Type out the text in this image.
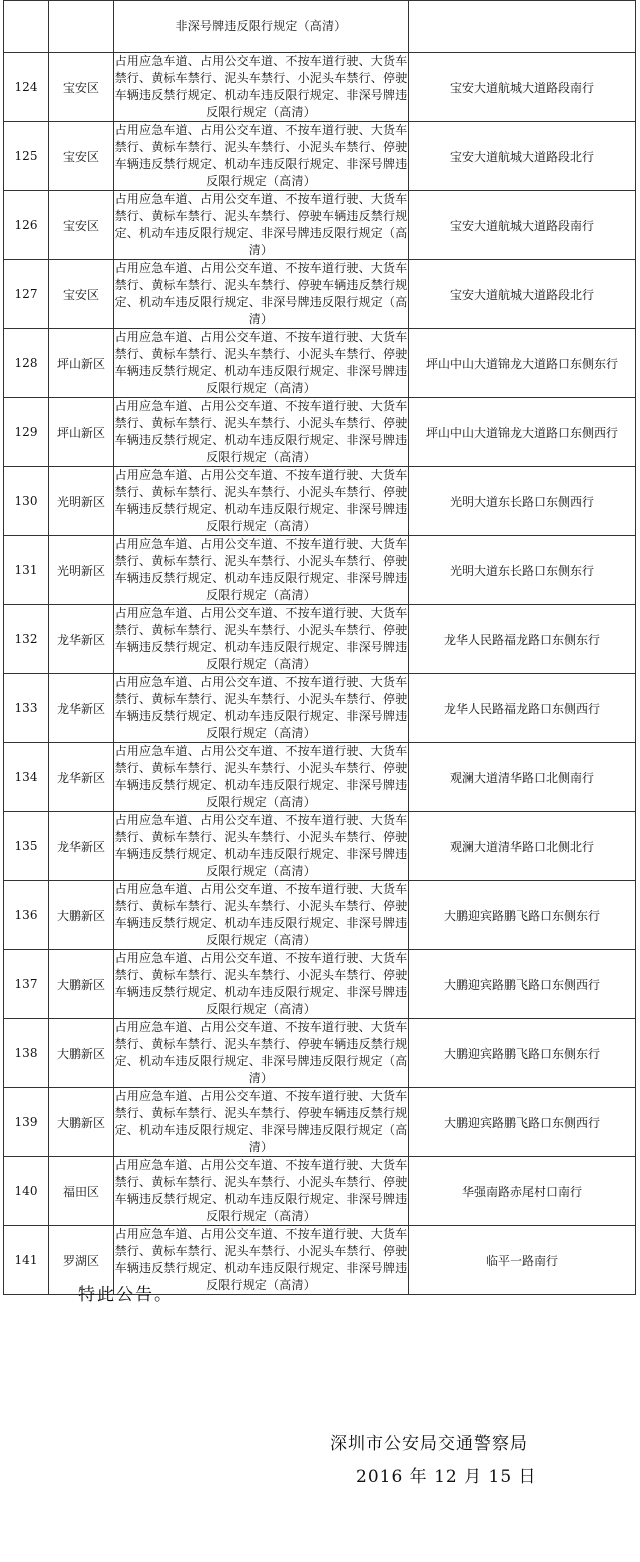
		非深号牌违反限行规定（高清）	
124	宝安区	占用应急车道、占用公交车道、不按车道行驶、大货车禁行、黄标车禁行、泥头车禁行、小泥头车禁行、停驶车辆违反禁行规定、机动车违反限行规定、非深号牌违反限行规定（高清）	宝安大道航城大道路段南行
125	宝安区	占用应急车道、占用公交车道、不按车道行驶、大货车禁行、黄标车禁行、泥头车禁行、小泥头车禁行、停驶车辆违反禁行规定、机动车违反限行规定、非深号牌违反限行规定（高清）	宝安大道航城大道路段北行
126	宝安区	占用应急车道、占用公交车道、不按车道行驶、大货车禁行、黄标车禁行、泥头车禁行、停驶车辆违反禁行规定、机动车违反限行规定、非深号牌违反限行规定（高清）	宝安大道航城大道路段南行
127	宝安区	占用应急车道、占用公交车道、不按车道行驶、大货车禁行、黄标车禁行、泥头车禁行、停驶车辆违反禁行规定、机动车违反限行规定、非深号牌违反限行规定（高清）	宝安大道航城大道路段北行
128	坪山新区	占用应急车道、占用公交车道、不按车道行驶、大货车禁行、黄标车禁行、泥头车禁行、小泥头车禁行、停驶车辆违反禁行规定、机动车违反限行规定、非深号牌违反限行规定（高清）	坪山中山大道锦龙大道路口东侧东行
129	坪山新区	占用应急车道、占用公交车道、不按车道行驶、大货车禁行、黄标车禁行、泥头车禁行、小泥头车禁行、停驶车辆违反禁行规定、机动车违反限行规定、非深号牌违反限行规定（高清）	坪山中山大道锦龙大道路口东侧西行
130	光明新区	占用应急车道、占用公交车道、不按车道行驶、大货车禁行、黄标车禁行、泥头车禁行、小泥头车禁行、停驶车辆违反禁行规定、机动车违反限行规定、非深号牌违反限行规定（高清）	光明大道东长路口东侧西行
131	光明新区	占用应急车道、占用公交车道、不按车道行驶、大货车禁行、黄标车禁行、泥头车禁行、小泥头车禁行、停驶车辆违反禁行规定、机动车违反限行规定、非深号牌违反限行规定（高清）	光明大道东长路口东侧东行
132	龙华新区	占用应急车道、占用公交车道、不按车道行驶、大货车禁行、黄标车禁行、泥头车禁行、小泥头车禁行、停驶车辆违反禁行规定、机动车违反限行规定、非深号牌违反限行规定（高清）	龙华人民路福龙路口东侧东行
133	龙华新区	占用应急车道、占用公交车道、不按车道行驶、大货车禁行、黄标车禁行、泥头车禁行、小泥头车禁行、停驶车辆违反禁行规定、机动车违反限行规定、非深号牌违反限行规定（高清）	龙华人民路福龙路口东侧西行
134	龙华新区	占用应急车道、占用公交车道、不按车道行驶、大货车禁行、黄标车禁行、泥头车禁行、小泥头车禁行、停驶车辆违反禁行规定、机动车违反限行规定、非深号牌违反限行规定（高清）	观澜大道清华路口北侧南行
135	龙华新区	占用应急车道、占用公交车道、不按车道行驶、大货车禁行、黄标车禁行、泥头车禁行、小泥头车禁行、停驶车辆违反禁行规定、机动车违反限行规定、非深号牌违反限行规定（高清）	观澜大道清华路口北侧北行
136	大鹏新区	占用应急车道、占用公交车道、不按车道行驶、大货车禁行、黄标车禁行、泥头车禁行、小泥头车禁行、停驶车辆违反禁行规定、机动车违反限行规定、非深号牌违反限行规定（高清）	大鹏迎宾路鹏飞路口东侧东行
137	大鹏新区	占用应急车道、占用公交车道、不按车道行驶、大货车禁行、黄标车禁行、泥头车禁行、小泥头车禁行、停驶车辆违反禁行规定、机动车违反限行规定、非深号牌违反限行规定（高清）	大鹏迎宾路鹏飞路口东侧西行
138	大鹏新区	占用应急车道、占用公交车道、不按车道行驶、大货车禁行、黄标车禁行、泥头车禁行、停驶车辆违反禁行规定、机动车违反限行规定、非深号牌违反限行规定（高清）	大鹏迎宾路鹏飞路口东侧东行
139	大鹏新区	占用应急车道、占用公交车道、不按车道行驶、大货车禁行、黄标车禁行、泥头车禁行、停驶车辆违反禁行规定、机动车违反限行规定、非深号牌违反限行规定（高清）	大鹏迎宾路鹏飞路口东侧西行
140	福田区	占用应急车道、占用公交车道、不按车道行驶、大货车禁行、黄标车禁行、泥头车禁行、小泥头车禁行、停驶车辆违反禁行规定、机动车违反限行规定、非深号牌违反限行规定（高清）	华强南路赤尾村口南行
141	罗湖区	占用应急车道、占用公交车道、不按车道行驶、大货车禁行、黄标车禁行、泥头车禁行、小泥头车禁行、停驶车辆违反禁行规定、机动车违反限行规定、非深号牌违反限行规定（高清）	临平一路南行
特此公告。
深圳市公安局交通警察局
2016 年 12 月 15 日
